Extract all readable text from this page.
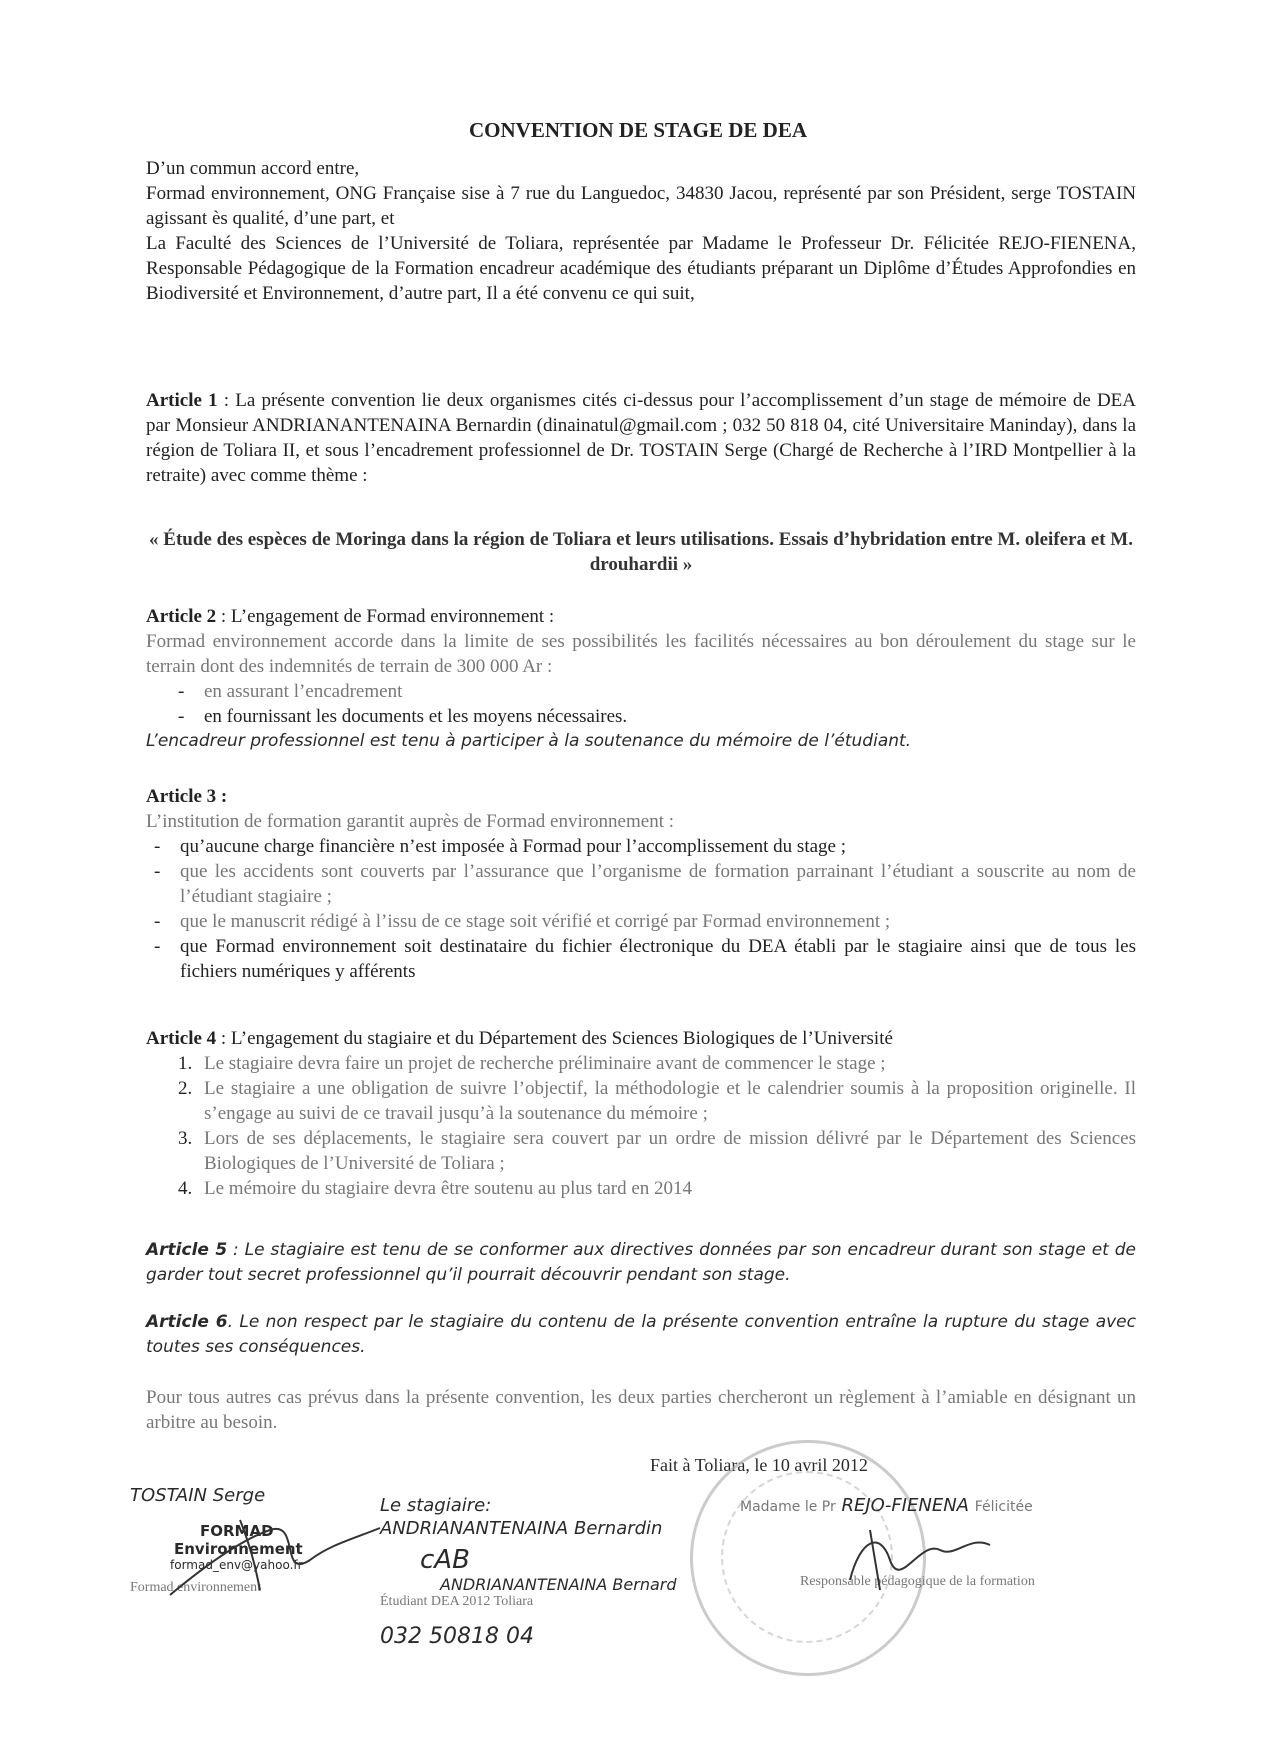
CONVENTION DE STAGE DE DEA

D’un commun accord entre,

Formad environnement, ONG Française sise à 7 rue du Languedoc, 34830 Jacou, représenté par son Président, serge TOSTAIN agissant ès qualité, d’une part, et

La Faculté des Sciences de l’Université de Toliara, représentée par Madame le Professeur Dr. Félicitée REJO-FIENENA, Responsable Pédagogique de la Formation encadreur académique des étudiants préparant un Diplôme d’Études Approfondies en Biodiversité et Environnement, d’autre part, Il a été convenu ce qui suit,

Article 1 : La présente convention lie deux organismes cités ci-dessus pour l’accomplissement d’un stage de mémoire de DEA par Monsieur ANDRIANANTENAINA Bernardin (dinainatul@gmail.com ; 032 50 818 04, cité Universitaire Maninday), dans la région de Toliara II, et sous l’encadrement professionnel de Dr. TOSTAIN Serge (Chargé de Recherche à l’IRD Montpellier à la retraite) avec comme thème :

« Étude des espèces de Moringa dans la région de Toliara et leurs utilisations. Essais d’hybridation entre M. oleifera et M. drouhardii »

Article 2 : L’engagement de Formad environnement :

Formad environnement accorde dans la limite de ses possibilités les facilités nécessaires au bon déroulement du stage sur le terrain dont des indemnités de terrain de 300 000 Ar :

- en assurant l’encadrement
- en fournissant les documents et les moyens nécessaires.

L’encadreur professionnel est tenu à participer à la soutenance du mémoire de l’étudiant.

Article 3 :

L’institution de formation garantit auprès de Formad environnement :

- qu’aucune charge financière n’est imposée à Formad pour l’accomplissement du stage ;
- que les accidents sont couverts par l’assurance que l’organisme de formation parrainant l’étudiant a souscrite au nom de l’étudiant stagiaire ;
- que le manuscrit rédigé à l’issu de ce stage soit vérifié et corrigé par Formad environnement ;
- que Formad environnement soit destinataire du fichier électronique du DEA établi par le stagiaire ainsi que de tous les fichiers numériques y afférents

Article 4 : L’engagement du stagiaire et du Département des Sciences Biologiques de l’Université

1. Le stagiaire devra faire un projet de recherche préliminaire avant de commencer le stage ;
2. Le stagiaire a une obligation de suivre l’objectif, la méthodologie et le calendrier soumis à la proposition originelle. Il s’engage au suivi de ce travail jusqu’à la soutenance du mémoire ;
3. Lors de ses déplacements, le stagiaire sera couvert par un ordre de mission délivré par le Département des Sciences Biologiques de l’Université de Toliara ;
4. Le mémoire du stagiaire devra être soutenu au plus tard en 2014

Article 5 : Le stagiaire est tenu de se conformer aux directives données par son encadreur durant son stage et de garder tout secret professionnel qu’il pourrait découvrir pendant son stage.

Article 6. Le non respect par le stagiaire du contenu de la présente convention entraîne la rupture du stage avec toutes ses conséquences.

Pour tous autres cas prévus dans la présente convention, les deux parties chercheront un règlement à l’amiable en désignant un arbitre au besoin.

Fait à Toliara, le 10 avril 2012
TOSTAIN Serge
FORMAD
Environnement
formad_env@yahoo.fr
Formad environnement
Le stagiaire:
ANDRIANANTENAINA Bernardin
cAB
ANDRIANANTENAINA Bernard
Étudiant DEA 2012 Toliara
032 50818 04
Madame le Pr REJO-FIENENA Félicitée
Responsable pédagogique de la formation
